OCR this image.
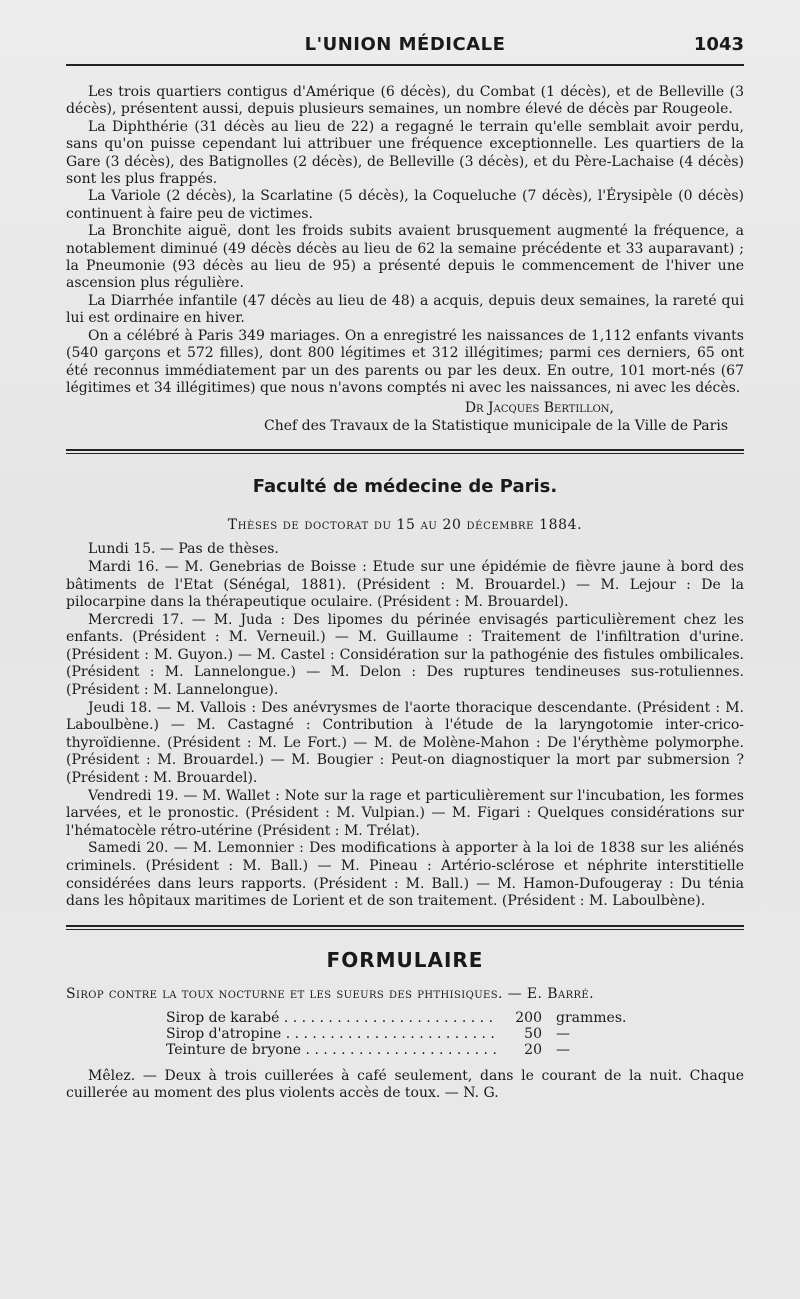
L'UNION MÉDICALE	1043

Les trois quartiers contigus d'Amérique (6 décès), du Combat (1 décès), et de Belleville (3 décès), présentent aussi, depuis plusieurs semaines, un nombre élevé de décès par Rougeole.

La Diphthérie (31 décès au lieu de 22) a regagné le terrain qu'elle semblait avoir perdu, sans qu'on puisse cependant lui attribuer une fréquence exceptionnelle. Les quartiers de la Gare (3 décès), des Batignolles (2 décès), de Belleville (3 décès), et du Père-Lachaise (4 décès) sont les plus frappés.

La Variole (2 décès), la Scarlatine (5 décès), la Coqueluche (7 décès), l'Érysipèle (0 décès) continuent à faire peu de victimes.

La Bronchite aiguë, dont les froids subits avaient brusquement augmenté la fréquence, a notablement diminué (49 décès décès au lieu de 62 la semaine précédente et 33 auparavant) ; la Pneumonie (93 décès au lieu de 95) a présenté depuis le commencement de l'hiver une ascension plus régulière.

La Diarrhée infantile (47 décès au lieu de 48) a acquis, depuis deux semaines, la rareté qui lui est ordinaire en hiver.

On a célébré à Paris 349 mariages. On a enregistré les naissances de 1,112 enfants vivants (540 garçons et 572 filles), dont 800 légitimes et 312 illégitimes; parmi ces derniers, 65 ont été reconnus immédiatement par un des parents ou par les deux. En outre, 101 mort-nés (67 légitimes et 34 illégitimes) que nous n'avons comptés ni avec les naissances, ni avec les décès.

Dr Jacques Bertillon,
Chef des Travaux de la Statistique municipale de la Ville de Paris
Faculté de médecine de Paris.
Thèses de doctorat du 15 au 20 décembre 1884.

Lundi 15. — Pas de thèses.

Mardi 16. — M. Genebrias de Boisse : Etude sur une épidémie de fièvre jaune à bord des bâtiments de l'Etat (Sénégal, 1881). (Président : M. Brouardel.) — M. Lejour : De la pilocarpine dans la thérapeutique oculaire. (Président : M. Brouardel).

Mercredi 17. — M. Juda : Des lipomes du périnée envisagés particulièrement chez les enfants. (Président : M. Verneuil.) — M. Guillaume : Traitement de l'infiltration d'urine. (Président : M. Guyon.) — M. Castel : Considération sur la pathogénie des fistules ombilicales. (Président : M. Lannelongue.) — M. Delon : Des ruptures tendineuses sus-rotuliennes. (Président : M. Lannelongue).

Jeudi 18. — M. Vallois : Des anévrysmes de l'aorte thoracique descendante. (Président : M. Laboulbène.) — M. Castagné : Contribution à l'étude de la laryngotomie inter-crico-thyroïdienne. (Président : M. Le Fort.) — M. de Molène-Mahon : De l'érythème polymorphe. (Président : M. Brouardel.) — M. Bougier : Peut-on diagnostiquer la mort par submersion ? (Président : M. Brouardel).

Vendredi 19. — M. Wallet : Note sur la rage et particulièrement sur l'incubation, les formes larvées, et le pronostic. (Président : M. Vulpian.) — M. Figari : Quelques considérations sur l'hématocèle rétro-utérine (Président : M. Trélat).

Samedi 20. — M. Lemonnier : Des modifications à apporter à la loi de 1838 sur les aliénés criminels. (Président : M. Ball.) — M. Pineau : Artério-sclérose et néphrite interstitielle considérées dans leurs rapports. (Président : M. Ball.) — M. Hamon-Dufougeray : Du ténia dans les hôpitaux maritimes de Lorient et de son traitement. (Président : M. Laboulbène).

FORMULAIRE
Sirop contre la toux nocturne et les sueurs des phthisiques. — E. Barré.
Sirop de karabé . . .	200	grammes.
Sirop d'atropine . . .	50	—
Teinture de bryone . . .	20	—
Mêlez. — Deux à trois cuillerées à café seulement, dans le courant de la nuit. Chaque cuillerée au moment des plus violents accès de toux. — N. G.
